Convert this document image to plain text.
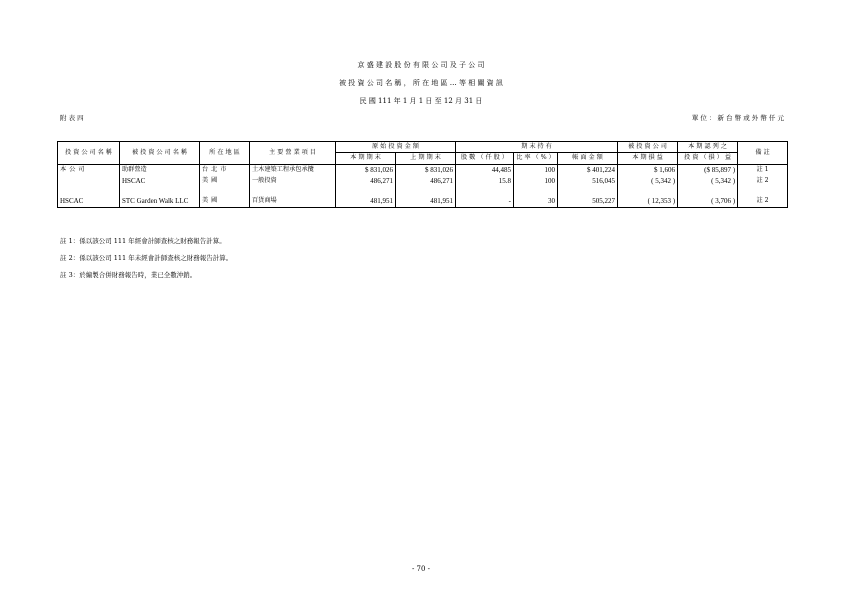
京 盛 建 設 股 份 有 限 公 司 及 子 公 司
被 投 資 公 司 名 稱 ， 所 在 地 區 … 等 相 關 資 訊
民 國 111 年 1 月 1 日 至 12 月 31 日
附 表 四	單 位 ： 新 台 幣 或 外 幣 仟 元
投 資 公 司 名 稱	被 投 資 公 司 名 稱	所 在 地 區	主 要 營 業 項 目	原 始 投 資 金 額		期 末 持 有			被 投 資 公 司	本 期 認 列 之	備 註
				本 期 期 末	上 期 期 末	股 數 （ 仟 股 ）	比 率 （ % ）	帳 面 金 額	本 期 損 益	投 資 （ 損 ） 益	
本 公 司	助群營造	台 北 市	土木建築工程承包承攬	$ 831,026	$ 831,026	44,485	100	$ 401,224	$ 1,606	($ 85,897 )	註 1
	HSCAC	美 國	一般投資	486,271	486,271	15.8	100	516,045	( 5,342 )	( 5,342 )	註 2

HSCAC	STC Garden Walk LLC	美 國	百貨商場	481,951	481,951	-	30	505,227	( 12,353 )	( 3,706 )	註 2
註 1：係以該公司 111 年經會計師查核之財務報告計算。
註 2：係以該公司 111 年未經會計師查核之財務報告計算。
註 3：於編製合併財務報告時，業已全數沖銷。
- 70 -
